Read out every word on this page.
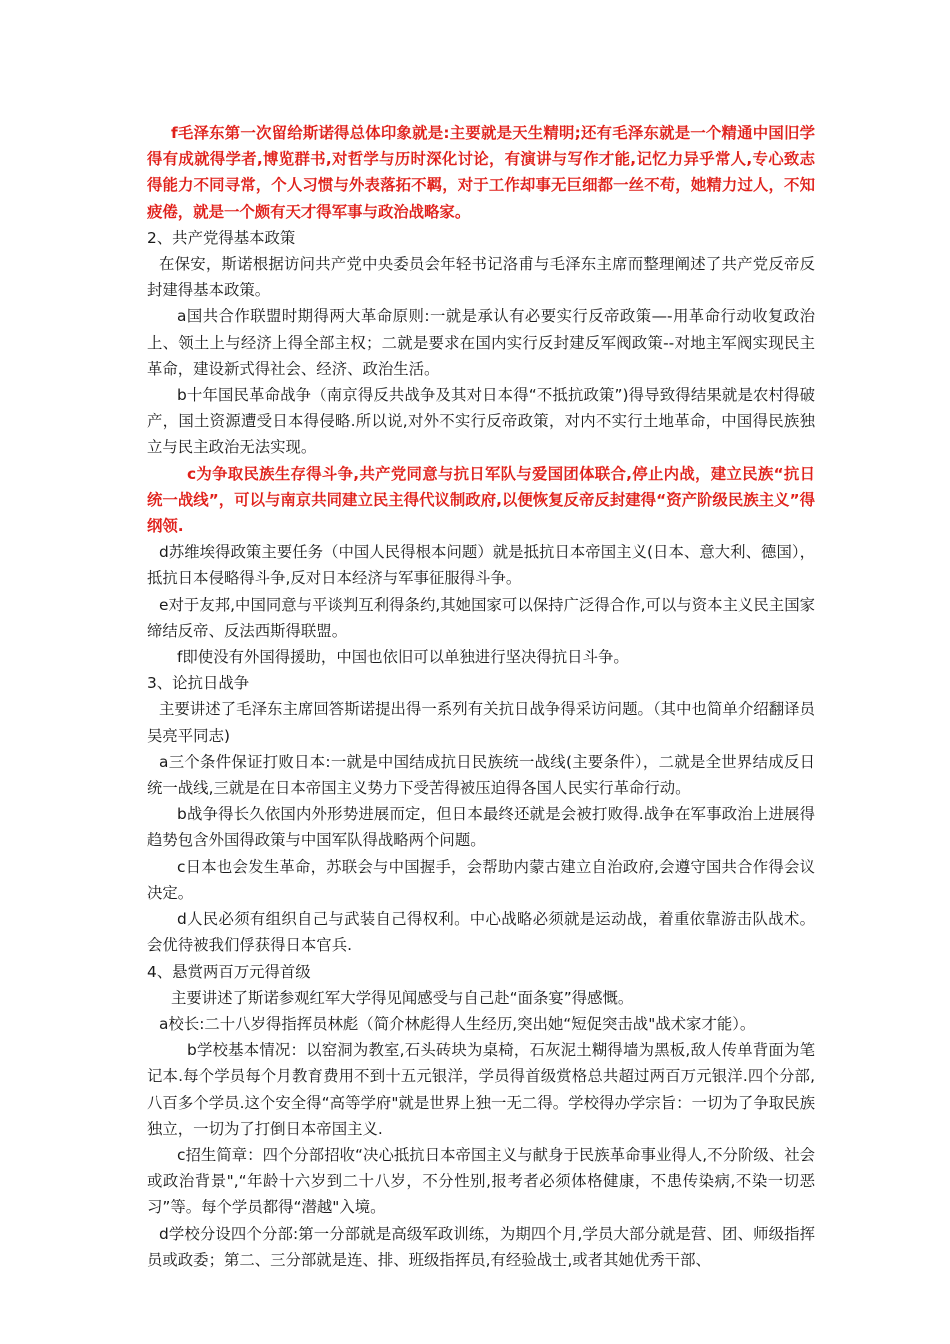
f毛泽东第一次留给斯诺得总体印象就是:主要就是天生精明;还有毛泽东就是一个精通中国旧学得有成就得学者,博览群书,对哲学与历时深化讨论，有演讲与写作才能,记忆力异乎常人,专心致志得能力不同寻常，个人习惯与外表落拓不羁，对于工作却事无巨细都一丝不苟，她精力过人，不知疲倦，就是一个颇有天才得军事与政治战略家。

2、共产党得基本政策

在保安，斯诺根据访问共产党中央委员会年轻书记洛甫与毛泽东主席而整理阐述了共产党反帝反封建得基本政策。

a国共合作联盟时期得两大革命原则:一就是承认有必要实行反帝政策—-用革命行动收复政治上、领土上与经济上得全部主权；二就是要求在国内实行反封建反军阀政策--对地主军阀实现民主革命，建设新式得社会、经济、政治生活。

b十年国民革命战争（南京得反共战争及其对日本得“不抵抗政策”)得导致得结果就是农村得破产，国土资源遭受日本得侵略.所以说,对外不实行反帝政策，对内不实行土地革命，中国得民族独立与民主政治无法实现。

c为争取民族生存得斗争,共产党同意与抗日军队与爱国团体联合,停止内战，建立民族“抗日统一战线”，可以与南京共同建立民主得代议制政府,以便恢复反帝反封建得“资产阶级民族主义”得纲领.

d苏维埃得政策主要任务（中国人民得根本问题）就是抵抗日本帝国主义(日本、意大利、德国），抵抗日本侵略得斗争,反对日本经济与军事征服得斗争。

e对于友邦,中国同意与平谈判互利得条约,其她国家可以保持广泛得合作,可以与资本主义民主国家缔结反帝、反法西斯得联盟。

f即使没有外国得援助，中国也依旧可以单独进行坚决得抗日斗争。

3、论抗日战争

主要讲述了毛泽东主席回答斯诺提出得一系列有关抗日战争得采访问题。（其中也简单介绍翻译员吴亮平同志)

a三个条件保证打败日本:一就是中国结成抗日民族统一战线(主要条件），二就是全世界结成反日统一战线,三就是在日本帝国主义势力下受苦得被压迫得各国人民实行革命行动。

b战争得长久依国内外形势进展而定，但日本最终还就是会被打败得.战争在军事政治上进展得趋势包含外国得政策与中国军队得战略两个问题。

c日本也会发生革命，苏联会与中国握手，会帮助内蒙古建立自治政府,会遵守国共合作得会议决定。

d人民必须有组织自己与武装自己得权利。中心战略必须就是运动战，着重依靠游击队战术。会优待被我们俘获得日本官兵.

4、悬赏两百万元得首级

主要讲述了斯诺参观红军大学得见闻感受与自己赴“面条宴”得感慨。

a校长:二十八岁得指挥员林彪（简介林彪得人生经历,突出她“短促突击战"战术家才能）。

b学校基本情况：以窑洞为教室,石头砖块为桌椅，石灰泥土糊得墙为黑板,敌人传单背面为笔记本.每个学员每个月教育费用不到十五元银洋，学员得首级赏格总共超过两百万元银洋.四个分部,八百多个学员.这个安全得“高等学府"就是世界上独一无二得。学校得办学宗旨：一切为了争取民族独立，一切为了打倒日本帝国主义.

c招生简章：四个分部招收“决心抵抗日本帝国主义与献身于民族革命事业得人,不分阶级、社会或政治背景",“年龄十六岁到二十八岁，不分性别,报考者必须体格健康，不患传染病,不染一切恶习”等。每个学员都得“潜越"入境。

d学校分设四个分部:第一分部就是高级军政训练，为期四个月,学员大部分就是营、团、师级指挥员或政委；第二、三分部就是连、排、班级指挥员,有经验战士,或者其她优秀干部、
